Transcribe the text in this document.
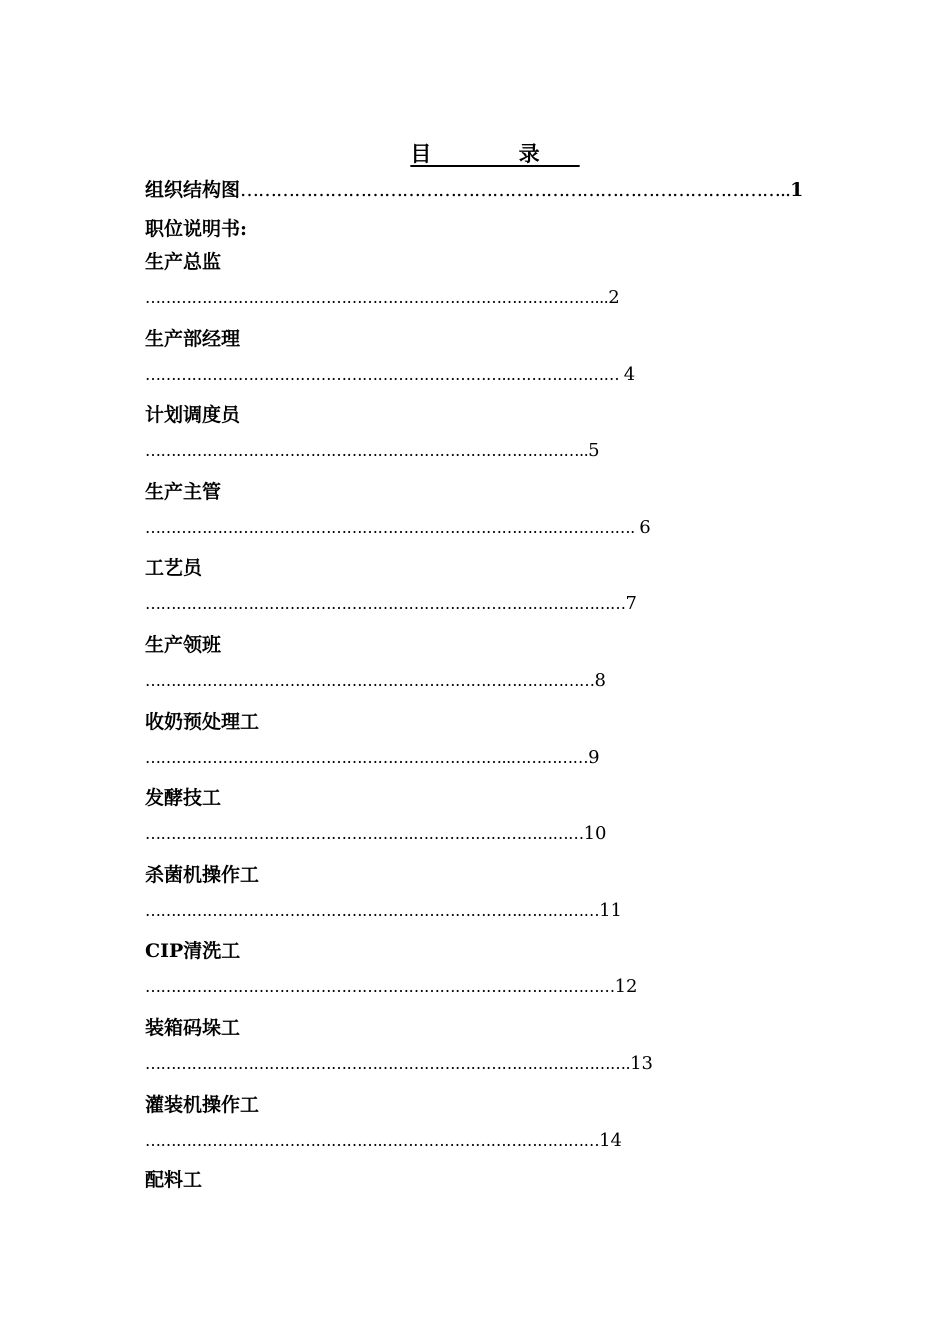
目 录
组织结构图………………………………………………………………………………..1
职位说明书:
生产总监
……………………………………………………………………………...2
生产部经理
……………………………………………………………..………………… 4
计划调度员
…………………………………………………………………………..5
生产主管
…………………………………………………………………….……………. 6
工艺员
…………………………………………………………………………………7
生产领班
……………………………………………………………………………8
收奶预处理工
……………………………………………………………..……………9
发酵技工
…………………………………………….……………………………10
杀菌机操作工
……………………………………………………………….……………11
CIP清洗工
……………………………………………………………….………………12
装箱码垛工
………………………………………………………………………………….13
灌装机操作工
……………………………………….……………………………………14
配料工
